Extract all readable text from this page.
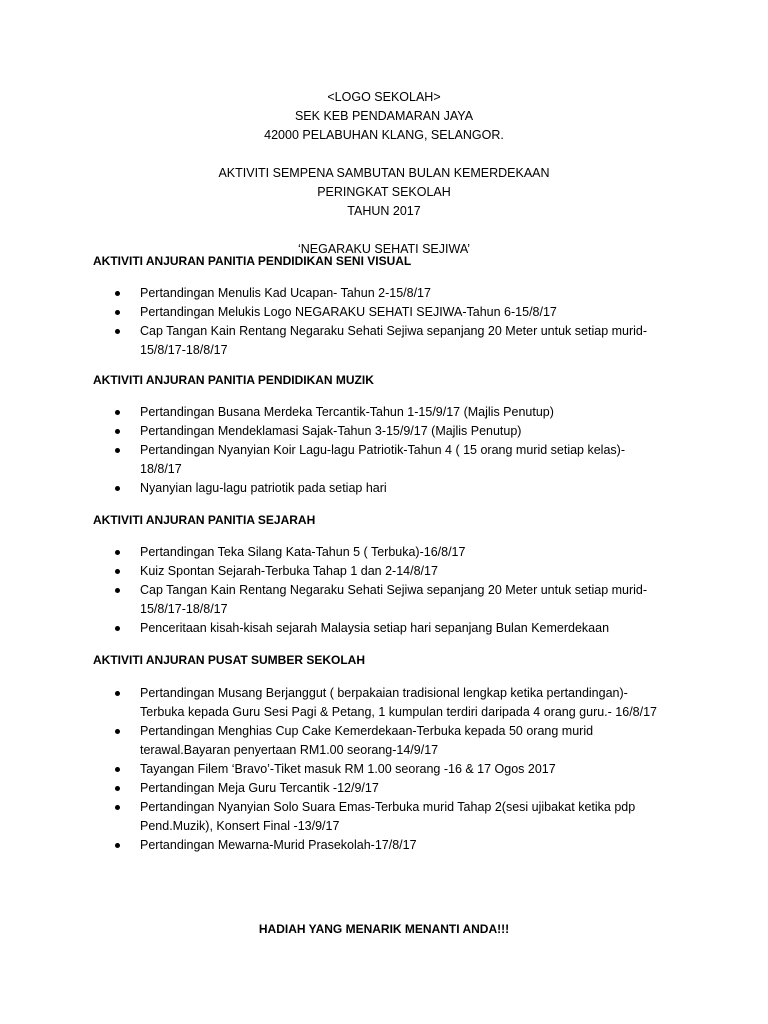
<LOGO SEKOLAH>
SEK KEB PENDAMARAN JAYA
42000 PELABUHAN KLANG, SELANGOR.
AKTIVITI SEMPENA SAMBUTAN BULAN KEMERDEKAAN
PERINGKAT SEKOLAH
TAHUN 2017
‘NEGARAKU SEHATI SEJIWA’
AKTIVITI ANJURAN PANITIA PENDIDIKAN SENI VISUAL
Pertandingan Menulis Kad Ucapan- Tahun 2-15/8/17
Pertandingan Melukis Logo NEGARAKU SEHATI SEJIWA-Tahun 6-15/8/17
Cap Tangan Kain Rentang Negaraku Sehati Sejiwa sepanjang 20 Meter untuk setiap murid- 15/8/17-18/8/17
AKTIVITI ANJURAN PANITIA PENDIDIKAN MUZIK
Pertandingan Busana Merdeka Tercantik-Tahun 1-15/9/17 (Majlis Penutup)
Pertandingan Mendeklamasi Sajak-Tahun 3-15/9/17 (Majlis Penutup)
Pertandingan Nyanyian Koir Lagu-lagu Patriotik-Tahun 4 ( 15 orang murid setiap kelas)- 18/8/17
Nyanyian lagu-lagu patriotik pada setiap hari
AKTIVITI ANJURAN PANITIA SEJARAH
Pertandingan Teka Silang Kata-Tahun 5 ( Terbuka)-16/8/17
Kuiz Spontan Sejarah-Terbuka Tahap 1 dan 2-14/8/17
Cap Tangan Kain Rentang Negaraku Sehati Sejiwa sepanjang 20 Meter untuk setiap murid- 15/8/17-18/8/17
Penceritaan kisah-kisah sejarah Malaysia setiap hari sepanjang Bulan Kemerdekaan
AKTIVITI ANJURAN PUSAT SUMBER SEKOLAH
Pertandingan Musang Berjanggut ( berpakaian tradisional lengkap ketika pertandingan)- Terbuka kepada Guru Sesi Pagi & Petang, 1 kumpulan terdiri daripada 4 orang guru.- 16/8/17
Pertandingan Menghias Cup Cake Kemerdekaan-Terbuka kepada 50 orang murid terawal.Bayaran penyertaan RM1.00 seorang-14/9/17
Tayangan Filem ‘Bravo’-Tiket masuk RM 1.00 seorang -16 & 17 Ogos 2017
Pertandingan Meja Guru Tercantik -12/9/17
Pertandingan Nyanyian Solo Suara Emas-Terbuka murid Tahap 2(sesi ujibakat ketika pdp Pend.Muzik), Konsert Final -13/9/17
Pertandingan Mewarna-Murid Prasekolah-17/8/17
HADIAH YANG MENARIK MENANTI ANDA!!!
